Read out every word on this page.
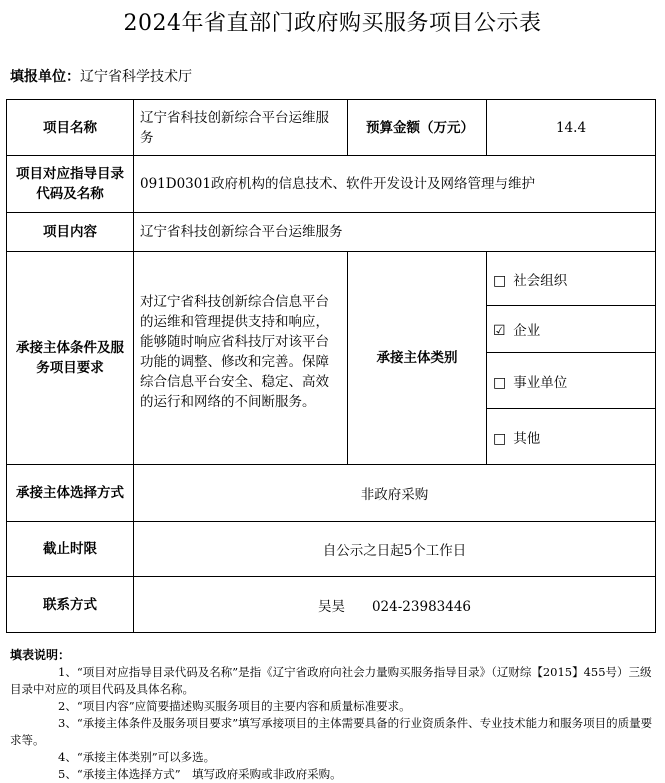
2024年省直部门政府购买服务项目公示表
填报单位：辽宁省科学技术厅
项目名称	辽宁省科技创新综合平台运维服务	预算金额（万元）	14.4
项目对应指导目录代码及名称	091D0301政府机构的信息技术、软件开发设计及网络管理与维护		
项目内容	辽宁省科技创新综合平台运维服务		
承接主体条件及服务项目要求	对辽宁省科技创新综合信息平台的运维和管理提供支持和响应，能够随时响应省科技厅对该平台功能的调整、修改和完善。保障综合信息平台安全、稳定、高效的运行和网络的不间断服务。	承接主体类别	□ 社会组织
			☑ 企业
			□ 事业单位
			□ 其他
承接主体选择方式	非政府采购		
截止时限	自公示之日起5个工作日		
联系方式	吴昊　　024-23983446		
填表说明：

1、“项目对应指导目录代码及名称”是指《辽宁省政府向社会力量购买服务指导目录》（辽财综【2015】455号）三级目录中对应的项目代码及具体名称。

2、“项目内容”应简要描述购买服务项目的主要内容和质量标准要求。

3、“承接主体条件及服务项目要求”填写承接项目的主体需要具备的行业资质条件、专业技术能力和服务项目的质量要求等。

4、“承接主体类别”可以多选。

5、“承接主体选择方式”　填写政府采购或非政府采购。
